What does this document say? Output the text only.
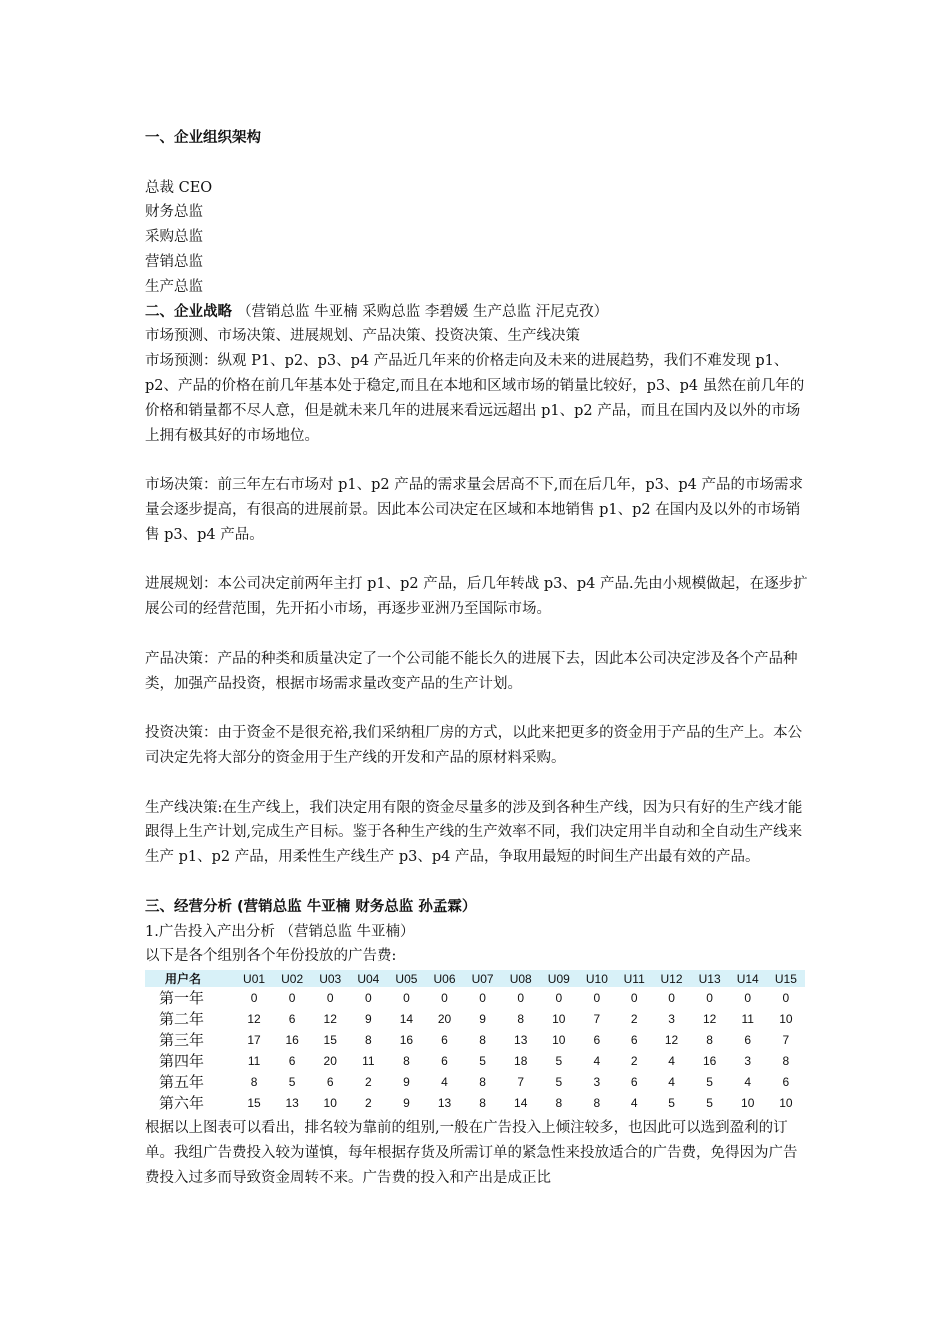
一、企业组织架构
总裁 CEO
财务总监
采购总监
营销总监
生产总监
二、企业战略 （营销总监 牛亚楠 采购总监 李碧媛 生产总监 汗尼克孜）
市场预测、市场决策、进展规划、产品决策、投资决策、生产线决策
市场预测：纵观 P1、p2、p3、p4 产品近几年来的价格走向及未来的进展趋势，我们不难发现 p1、p2、产品的价格在前几年基本处于稳定,而且在本地和区域市场的销量比较好，p3、p4 虽然在前几年的价格和销量都不尽人意，但是就未来几年的进展来看远远超出 p1、p2 产品，而且在国内及以外的市场上拥有极其好的市场地位。
市场决策：前三年左右市场对 p1、p2 产品的需求量会居高不下,而在后几年，p3、p4 产品的市场需求量会逐步提高，有很高的进展前景。因此本公司决定在区域和本地销售 p1、p2 在国内及以外的市场销售 p3、p4 产品。
进展规划：本公司决定前两年主打 p1、p2 产品，后几年转战 p3、p4 产品.先由小规模做起，在逐步扩展公司的经营范围，先开拓小市场，再逐步亚洲乃至国际市场。
产品决策：产品的种类和质量决定了一个公司能不能长久的进展下去，因此本公司决定涉及各个产品种类，加强产品投资，根据市场需求量改变产品的生产计划。
投资决策：由于资金不是很充裕,我们采纳租厂房的方式，以此来把更多的资金用于产品的生产上。本公司决定先将大部分的资金用于生产线的开发和产品的原材料采购。
生产线决策:在生产线上，我们决定用有限的资金尽量多的涉及到各种生产线，因为只有好的生产线才能跟得上生产计划,完成生产目标。鉴于各种生产线的生产效率不同，我们决定用半自动和全自动生产线来生产 p1、p2 产品，用柔性生产线生产 p3、p4 产品，争取用最短的时间生产出最有效的产品。
三、经营分析 (营销总监 牛亚楠 财务总监 孙孟霖）
1.广告投入产出分析 （营销总监 牛亚楠）
以下是各个组别各个年份投放的广告费:
用户名	U01	U02	U03	U04	U05	U06	U07	U08	U09	U10	U11	U12	U13	U14	U15
第一年	0	0	0	0	0	0	0	0	0	0	0	0	0	0	0
第二年	12	6	12	9	14	20	9	8	10	7	2	3	12	11	10
第三年	17	16	15	8	16	6	8	13	10	6	6	12	8	6	7
第四年	11	6	20	11	8	6	5	18	5	4	2	4	16	3	8
第五年	8	5	6	2	9	4	8	7	5	3	6	4	5	4	6
第六年	15	13	10	2	9	13	8	14	8	8	4	5	5	10	10
根据以上图表可以看出，排名较为靠前的组别,一般在广告投入上倾注较多，也因此可以选到盈利的订单。我组广告费投入较为谨慎，每年根据存货及所需订单的紧急性来投放适合的广告费，免得因为广告费投入过多而导致资金周转不来。广告费的投入和产出是成正比
